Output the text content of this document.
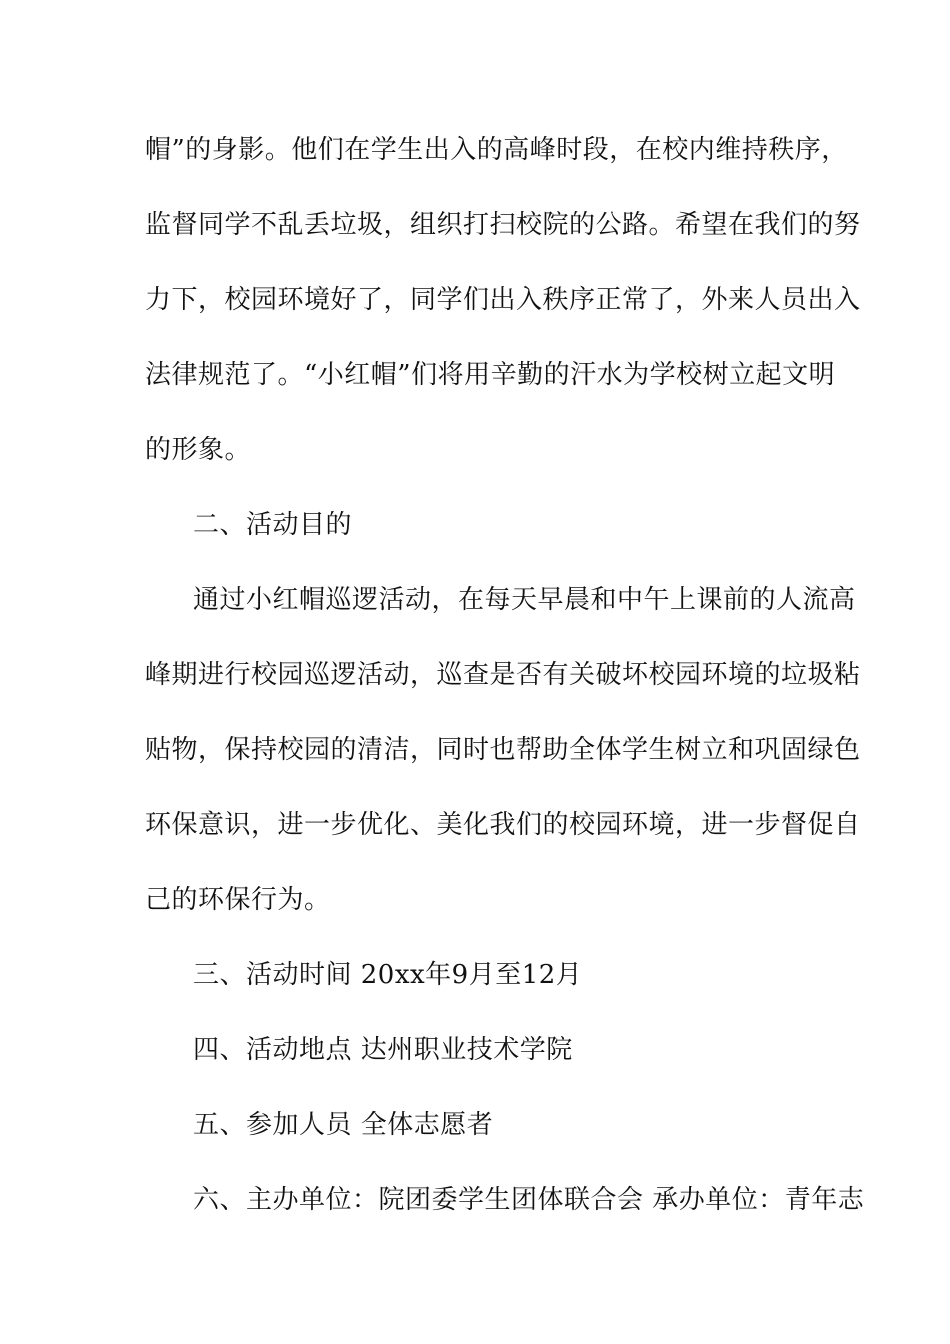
帽”的身影。他们在学生出入的高峰时段，在校内维持秩序，
监督同学不乱丢垃圾，组织打扫校院的公路。希望在我们的努
力下，校园环境好了，同学们出入秩序正常了，外来人员出入
法律规范了。“小红帽”们将用辛勤的汗水为学校树立起文明
的形象。
二、活动目的
通过小红帽巡逻活动，在每天早晨和中午上课前的人流高
峰期进行校园巡逻活动，巡查是否有关破坏校园环境的垃圾粘
贴物，保持校园的清洁，同时也帮助全体学生树立和巩固绿色
环保意识，进一步优化、美化我们的校园环境，进一步督促自
己的环保行为。
三、活动时间 20xx年9月至12月
四、活动地点 达州职业技术学院
五、参加人员 全体志愿者
六、主办单位：院团委学生团体联合会 承办单位：青年志
